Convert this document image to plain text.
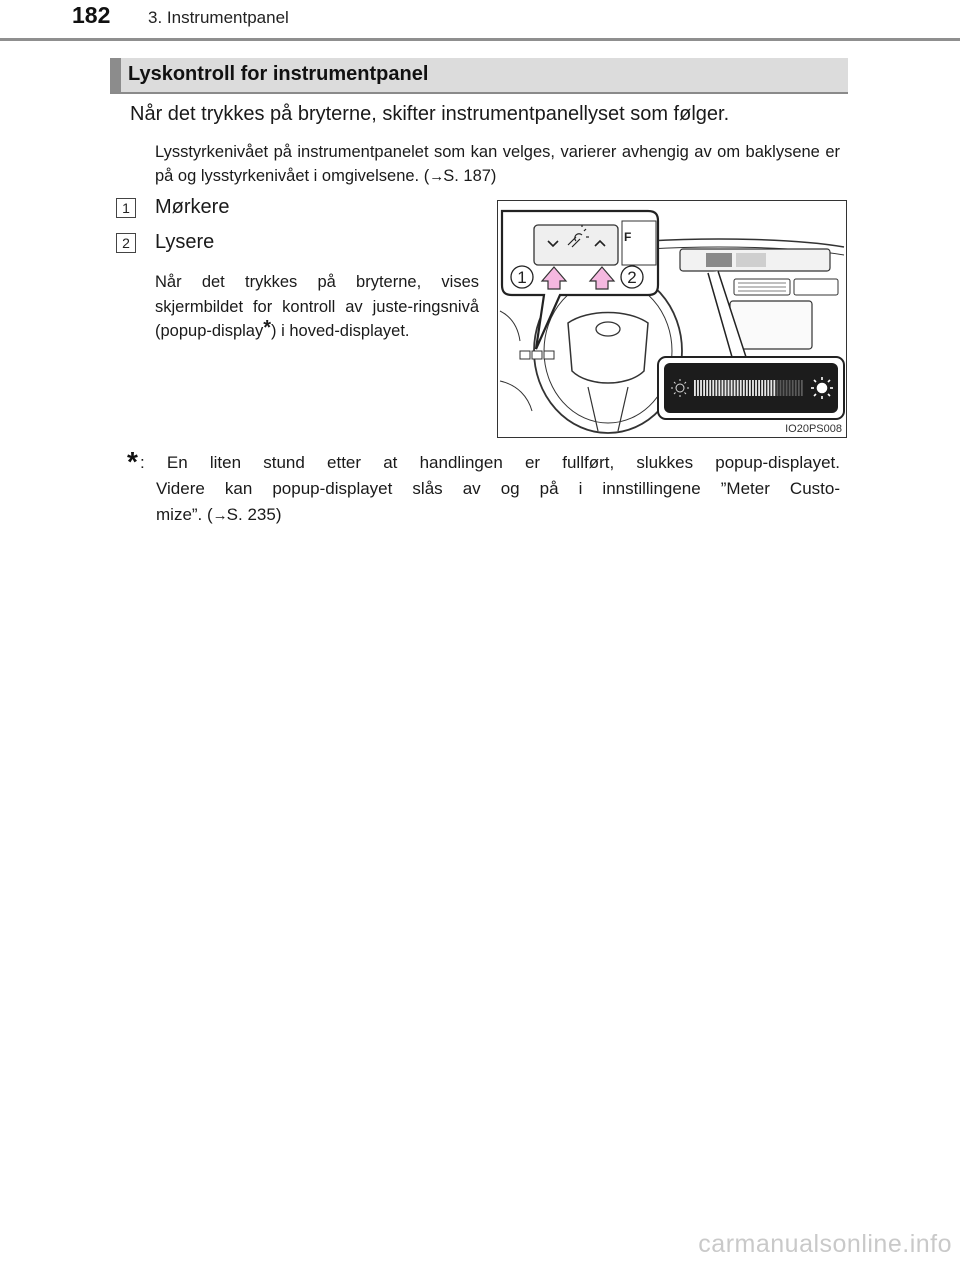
182 3. Instrumentpanel
Lyskontroll for instrumentpanel
Når det trykkes på bryterne, skifter instrumentpanellyset som følger.
Lysstyrkenivået på instrumentpanelet som kan velges, varierer avhengig av om baklysene er på og lysstyrkenivået i omgivelsene. (→S. 187)
1	Mørkere
2	Lysere
Når det trykkes på bryterne, vises skjermbildet for kontroll av juste-ringsnivå (popup-display*) i hoved-displayet.
F
1	2
IO20PS008
* : En liten stund etter at handlingen er fullført, slukkes popup-displayet.
Videre kan popup-displayet slås av og på i innstillingene ”Meter Custo-
mize”. (→S. 235)
carmanualsonline.info
